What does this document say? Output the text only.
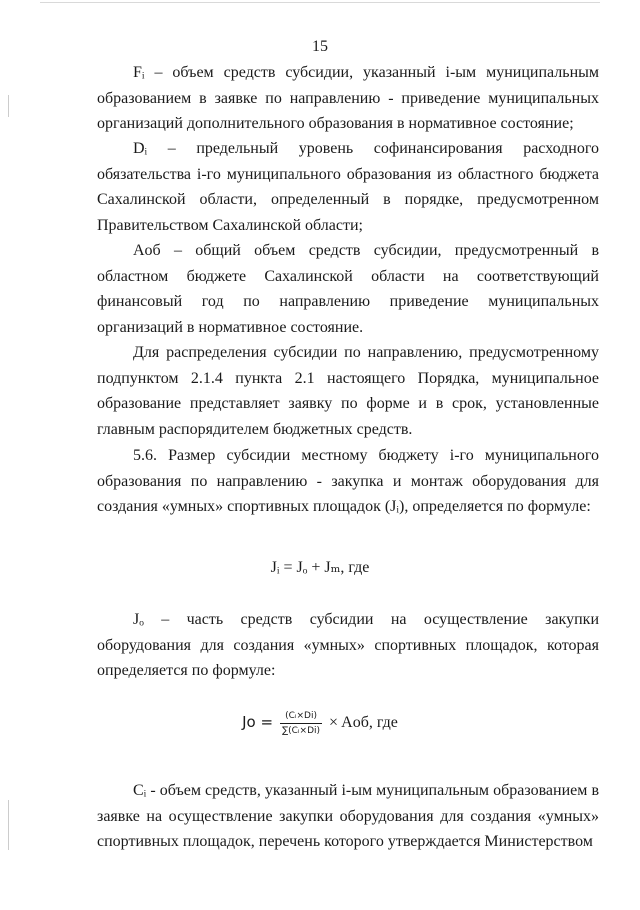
15

Fᵢ – объем средств субсидии, указанный i-ым муниципальным образованием в заявке по направлению - приведение муниципальных организаций дополнительного образования в нормативное состояние;

Dᵢ – предельный уровень софинансирования расходного обязательства i-го муниципального образования из областного бюджета Сахалинской области, определенный в порядке, предусмотренном Правительством Сахалинской области;

Aоб – общий объем средств субсидии, предусмотренный в областном бюджете Сахалинской области на соответствующий финансовый год по направлению приведение муниципальных организаций в нормативное состояние.

Для распределения субсидии по направлению, предусмотренному подпунктом 2.1.4 пункта 2.1 настоящего Порядка, муниципальное образование представляет заявку по форме и в срок, установленные главным распорядителем бюджетных средств.

5.6. Размер субсидии местному бюджету i-го муниципального образования по направлению - закупка и монтаж оборудования для создания «умных» спортивных площадок (Jᵢ), определяется по формуле:

Jᵢ = Jₒ + Jₘ, где

Jₒ – часть средств субсидии на осуществление закупки оборудования для создания «умных» спортивных площадок, которая определяется по формуле:

$Jo = \frac{\text{(Cᵢ×Di)}}{\text{∑(Cᵢ×Di)}}$ × Aоб, где

Cᵢ - объем средств, указанный i-ым муниципальным образованием в заявке на осуществление закупки оборудования для создания «умных» спортивных площадок, перечень которого утверждается Министерством
